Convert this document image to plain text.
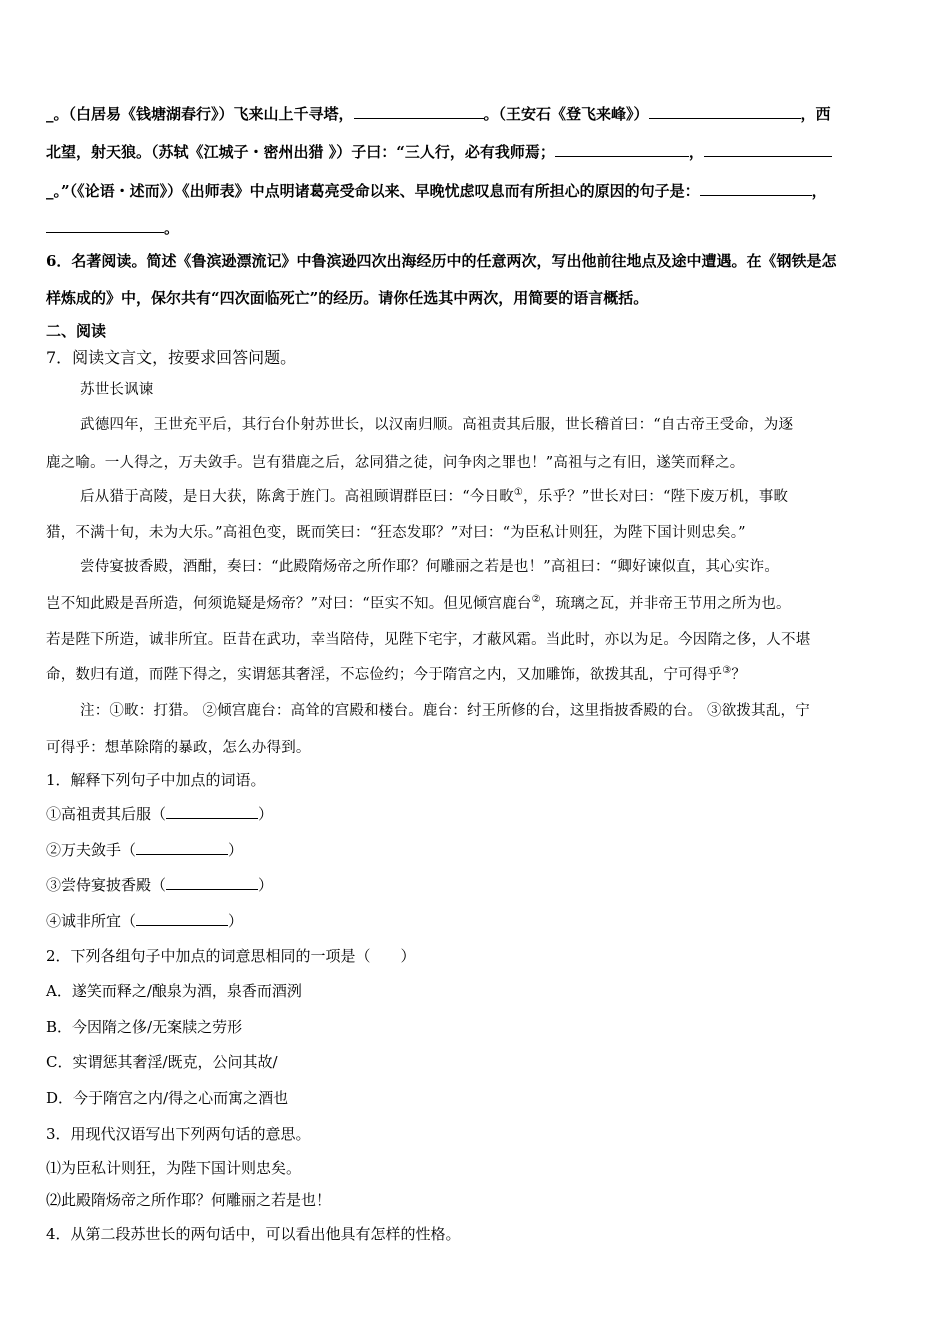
_。（白居易《钱塘湖春行》）飞来山上千寻塔，	。（王安石《登飞来峰》）	，西
北望，射天狼。（苏轼《江城子・密州出猎 》）子曰：“三人行，必有我师焉；	，
_。”（《论语・述而》）《出师表》中点明诸葛亮受命以来、早晚忧虑叹息而有所担心的原因的句子是：	，
。
6．名著阅读。简述《鲁滨逊漂流记》中鲁滨逊四次出海经历中的任意两次，写出他前往地点及途中遭遇。在《钢铁是怎
样炼成的》中，保尔共有“四次面临死亡”的经历。请你任选其中两次，用简要的语言概括。
二、阅读
7．阅读文言文，按要求回答问题。
苏世长讽谏
武德四年，王世充平后，其行台仆射苏世长，以汉南归顺。高祖责其后服，世长稽首曰：“自古帝王受命，为逐
鹿之喻。一人得之，万夫敛手。岂有猎鹿之后，忿同猎之徒，问争肉之罪也！”高祖与之有旧，遂笑而释之。
后从猎于高陵，是日大获，陈禽于旌门。高祖顾谓群臣曰：“今日畋①，乐乎？”世长对曰：“陛下废万机，事畋
猎，不满十旬，未为大乐。”高祖色变，既而笑曰：“狂态发耶？”对曰：“为臣私计则狂，为陛下国计则忠矣。”
尝侍宴披香殿，酒酣，奏曰：“此殿隋炀帝之所作耶？何雕丽之若是也！”高祖曰：“卿好谏似直，其心实诈。
岂不知此殿是吾所造，何须诡疑是炀帝？”对曰：“臣实不知。但见倾宫鹿台②，琉璃之瓦，并非帝王节用之所为也。
若是陛下所造，诚非所宜。臣昔在武功，幸当陪侍，见陛下宅宇，才蔽风霜。当此时，亦以为足。今因隋之侈，人不堪
命，数归有道，而陛下得之，实谓惩其奢淫，不忘俭约；今于隋宫之内，又加雕饰，欲拨其乱，宁可得乎③？
注：①畋：打猎。 ②倾宫鹿台：高耸的宫殿和楼台。鹿台：纣王所修的台，这里指披香殿的台。 ③欲拨其乱，宁
可得乎：想革除隋的暴政，怎么办得到。
1．解释下列句子中加点的词语。
①高祖责其后服（	）
②万夫敛手（	）
③尝侍宴披香殿（	）
④诚非所宜（	）
2．下列各组句子中加点的词意思相同的一项是（　　）
A．遂笑而释之/酿泉为酒，泉香而酒洌
B．今因隋之侈/无案牍之劳形
C．实谓惩其奢淫/既克，公问其故/
D．今于隋宫之内/得之心而寓之酒也
3．用现代汉语写出下列两句话的意思。
⑴为臣私计则狂，为陛下国计则忠矣。
⑵此殿隋炀帝之所作耶？何雕丽之若是也！
4．从第二段苏世长的两句话中，可以看出他具有怎样的性格。
